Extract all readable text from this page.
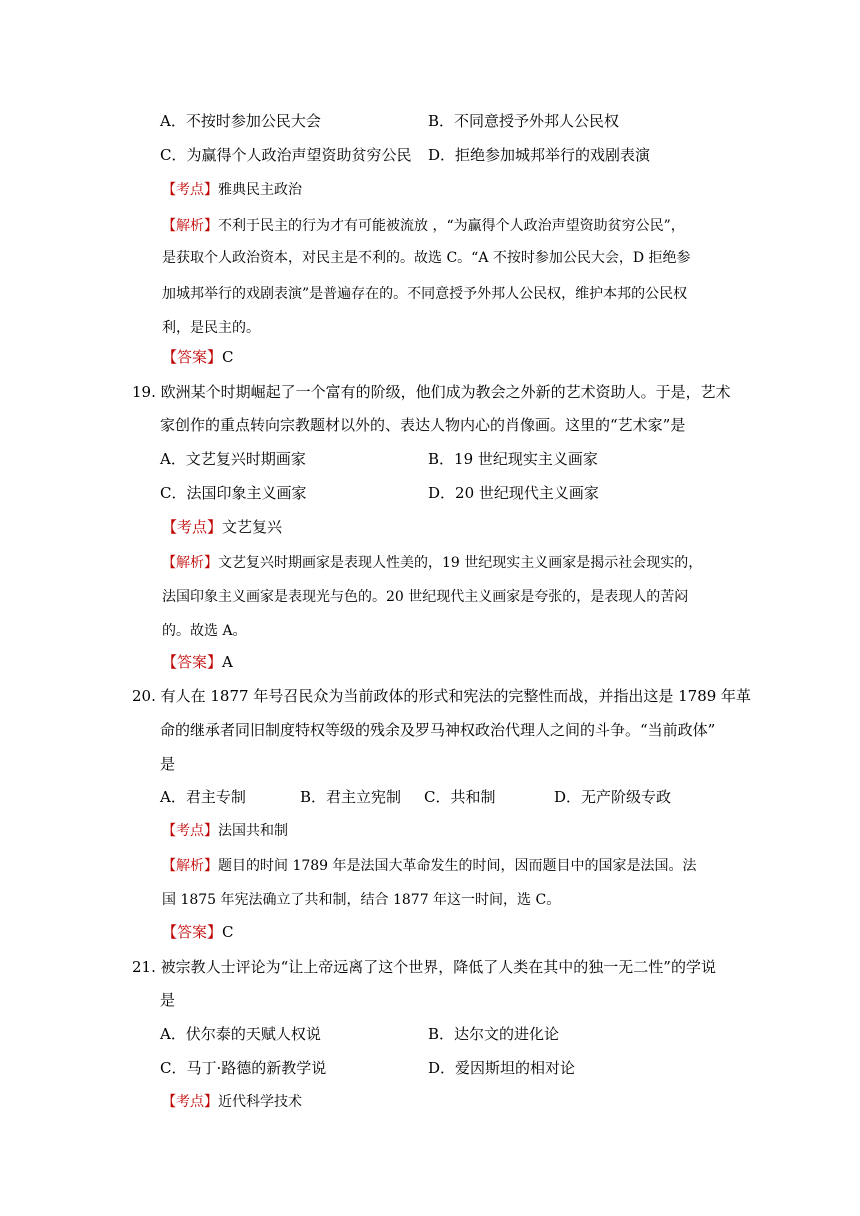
A．不按时参加公民大会	B．不同意授予外邦人公民权
C．为赢得个人政治声望资助贫穷公民 D．拒绝参加城邦举行的戏剧表演
【考点】雅典民主政治
【解析】不利于民主的行为才有可能被流放 ，“为赢得个人政治声望资助贫穷公民”，
是获取个人政治资本，对民主是不利的。故选 C。“A 不按时参加公民大会，D 拒绝参
加城邦举行的戏剧表演”是普遍存在的。不同意授予外邦人公民权，维护本邦的公民权
利，是民主的。
【答案】C
19. 欧洲某个时期崛起了一个富有的阶级，他们成为教会之外新的艺术资助人。于是，艺术
家创作的重点转向宗教题材以外的、表达人物内心的肖像画。这里的“艺术家”是
A．文艺复兴时期画家	B．19 世纪现实主义画家
C．法国印象主义画家	D．20 世纪现代主义画家
【考点】文艺复兴
【解析】文艺复兴时期画家是表现人性美的，19 世纪现实主义画家是揭示社会现实的，
法国印象主义画家是表现光与色的。20 世纪现代主义画家是夸张的，是表现人的苦闷
的。故选 A。
【答案】A
20. 有人在 1877 年号召民众为当前政体的形式和宪法的完整性而战，并指出这是 1789 年革
命的继承者同旧制度特权等级的残余及罗马神权政治代理人之间的斗争。“当前政体”
是
A．君主专制	B．君主立宪制 C．共和制	D．无产阶级专政
【考点】法国共和制
【解析】题目的时间 1789 年是法国大革命发生的时间，因而题目中的国家是法国。法
国 1875 年宪法确立了共和制，结合 1877 年这一时间，选 C。
【答案】C
21. 被宗教人士评论为“让上帝远离了这个世界，降低了人类在其中的独一无二性”的学说
是
A．伏尔泰的天赋人权说	B．达尔文的进化论
C．马丁·路德的新教学说	D．爱因斯坦的相对论
【考点】近代科学技术
